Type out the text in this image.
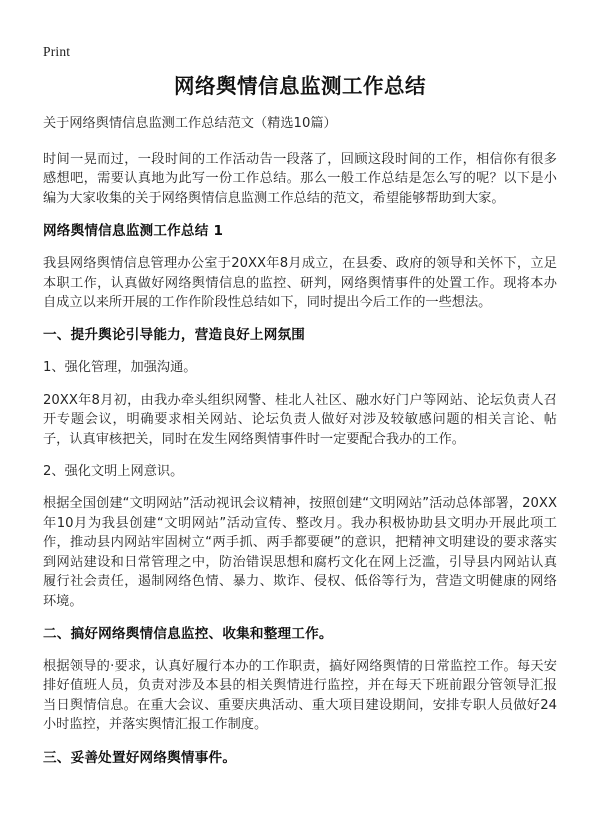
Print
网络舆情信息监测工作总结
关于网络舆情信息监测工作总结范文（精选10篇）

时间一晃而过，一段时间的工作活动告一段落了，回顾这段时间的工作，相信你有很多感想吧，需要认真地为此写一份工作总结。那么一般工作总结是怎么写的呢？以下是小编为大家收集的关于网络舆情信息监测工作总结的范文，希望能够帮助到大家。

网络舆情信息监测工作总结 1

我县网络舆情信息管理办公室于20XX年8月成立，在县委、政府的领导和关怀下，立足本职工作，认真做好网络舆情信息的监控、研判，网络舆情事件的处置工作。现将本办自成立以来所开展的工作作阶段性总结如下，同时提出今后工作的一些想法。

一、提升舆论引导能力，营造良好上网氛围

1、强化管理，加强沟通。

20XX年8月初，由我办牵头组织网警、桂北人社区、融水好门户等网站、论坛负责人召开专题会议，明确要求相关网站、论坛负责人做好对涉及较敏感问题的相关言论、帖子，认真审核把关，同时在发生网络舆情事件时一定要配合我办的工作。

2、强化文明上网意识。

根据全国创建“文明网站”活动视讯会议精神，按照创建“文明网站”活动总体部署，20XX年10月为我县创建“文明网站”活动宣传、整改月。我办积极协助县文明办开展此项工作，推动县内网站牢固树立“两手抓、两手都要硬”的意识，把精神文明建设的要求落实到网站建设和日常管理之中，防治错误思想和腐朽文化在网上泛滥，引导县内网站认真履行社会责任，遏制网络色情、暴力、欺诈、侵权、低俗等行为，营造文明健康的网络环境。

二、搞好网络舆情信息监控、收集和整理工作。

根据领导的·要求，认真好履行本办的工作职责，搞好网络舆情的日常监控工作。每天安排好值班人员，负责对涉及本县的相关舆情进行监控，并在每天下班前跟分管领导汇报当日舆情信息。在重大会议、重要庆典活动、重大项目建设期间，安排专职人员做好24小时监控，并落实舆情汇报工作制度。

三、妥善处置好网络舆情事件。
